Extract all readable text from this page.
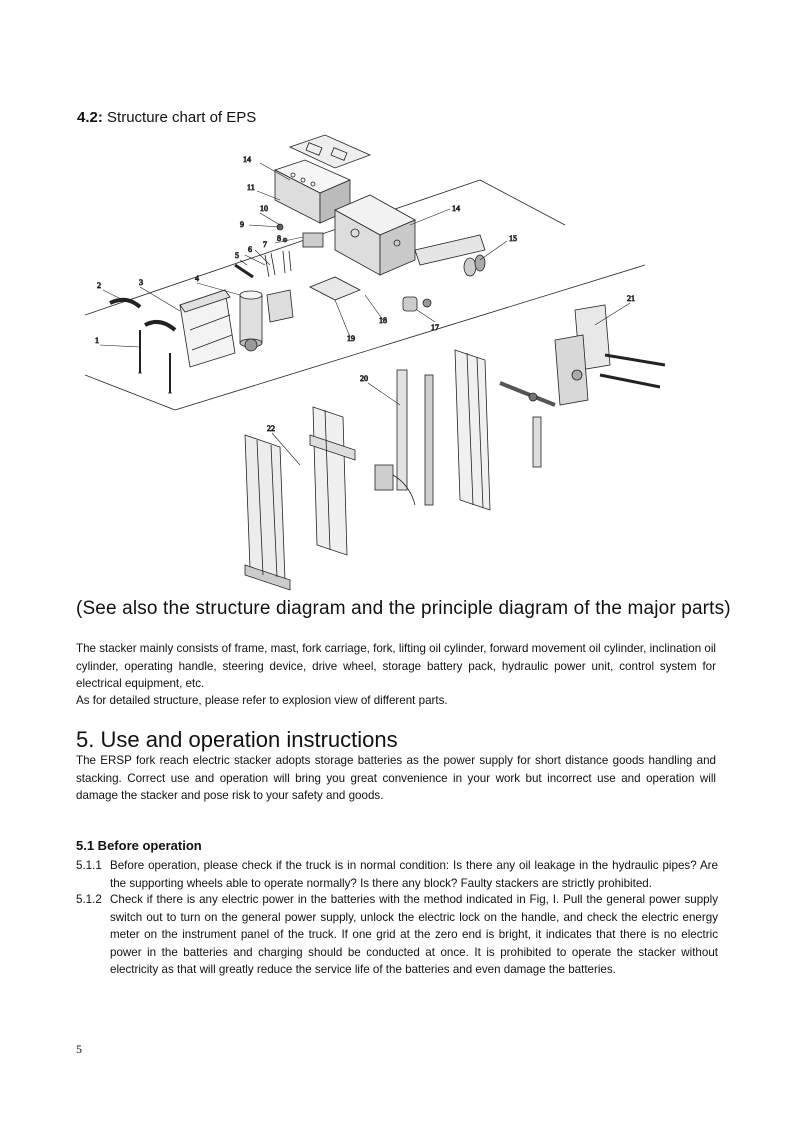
4.2: Structure chart of EPS
14
11
10
9
8
7
6
5
4
3
2
1
14
15
17
18
19
21
20
22
(See also the structure diagram and the principle diagram of the major parts)
The stacker mainly consists of frame, mast, fork carriage, fork, lifting oil cylinder, forward movement oil cylinder, inclination oil cylinder, operating handle, steering device, drive wheel, storage battery pack, hydraulic power unit, control system for electrical equipment, etc.
As for detailed structure, please refer to explosion view of different parts.
5. Use and operation instructions
The ERSP fork reach electric stacker adopts storage batteries as the power supply for short distance goods handling and stacking. Correct use and operation will bring you great convenience in your work but incorrect use and operation will damage the stacker and pose risk to your safety and goods.
5.1 Before operation
5.1.1 Before operation, please check if the truck is in normal condition: Is there any oil leakage in the hydraulic pipes? Are the supporting wheels able to operate normally? Is there any block? Faulty stackers are strictly prohibited.
5.1.2 Check if there is any electric power in the batteries with the method indicated in Fig, I. Pull the general power supply switch out to turn on the general power supply, unlock the electric lock on the handle, and check the electric energy meter on the instrument panel of the truck. If one grid at the zero end is bright, it indicates that there is no electric power in the batteries and charging should be conducted at once. It is prohibited to operate the stacker without electricity as that will greatly reduce the service life of the batteries and even damage the batteries.
5
